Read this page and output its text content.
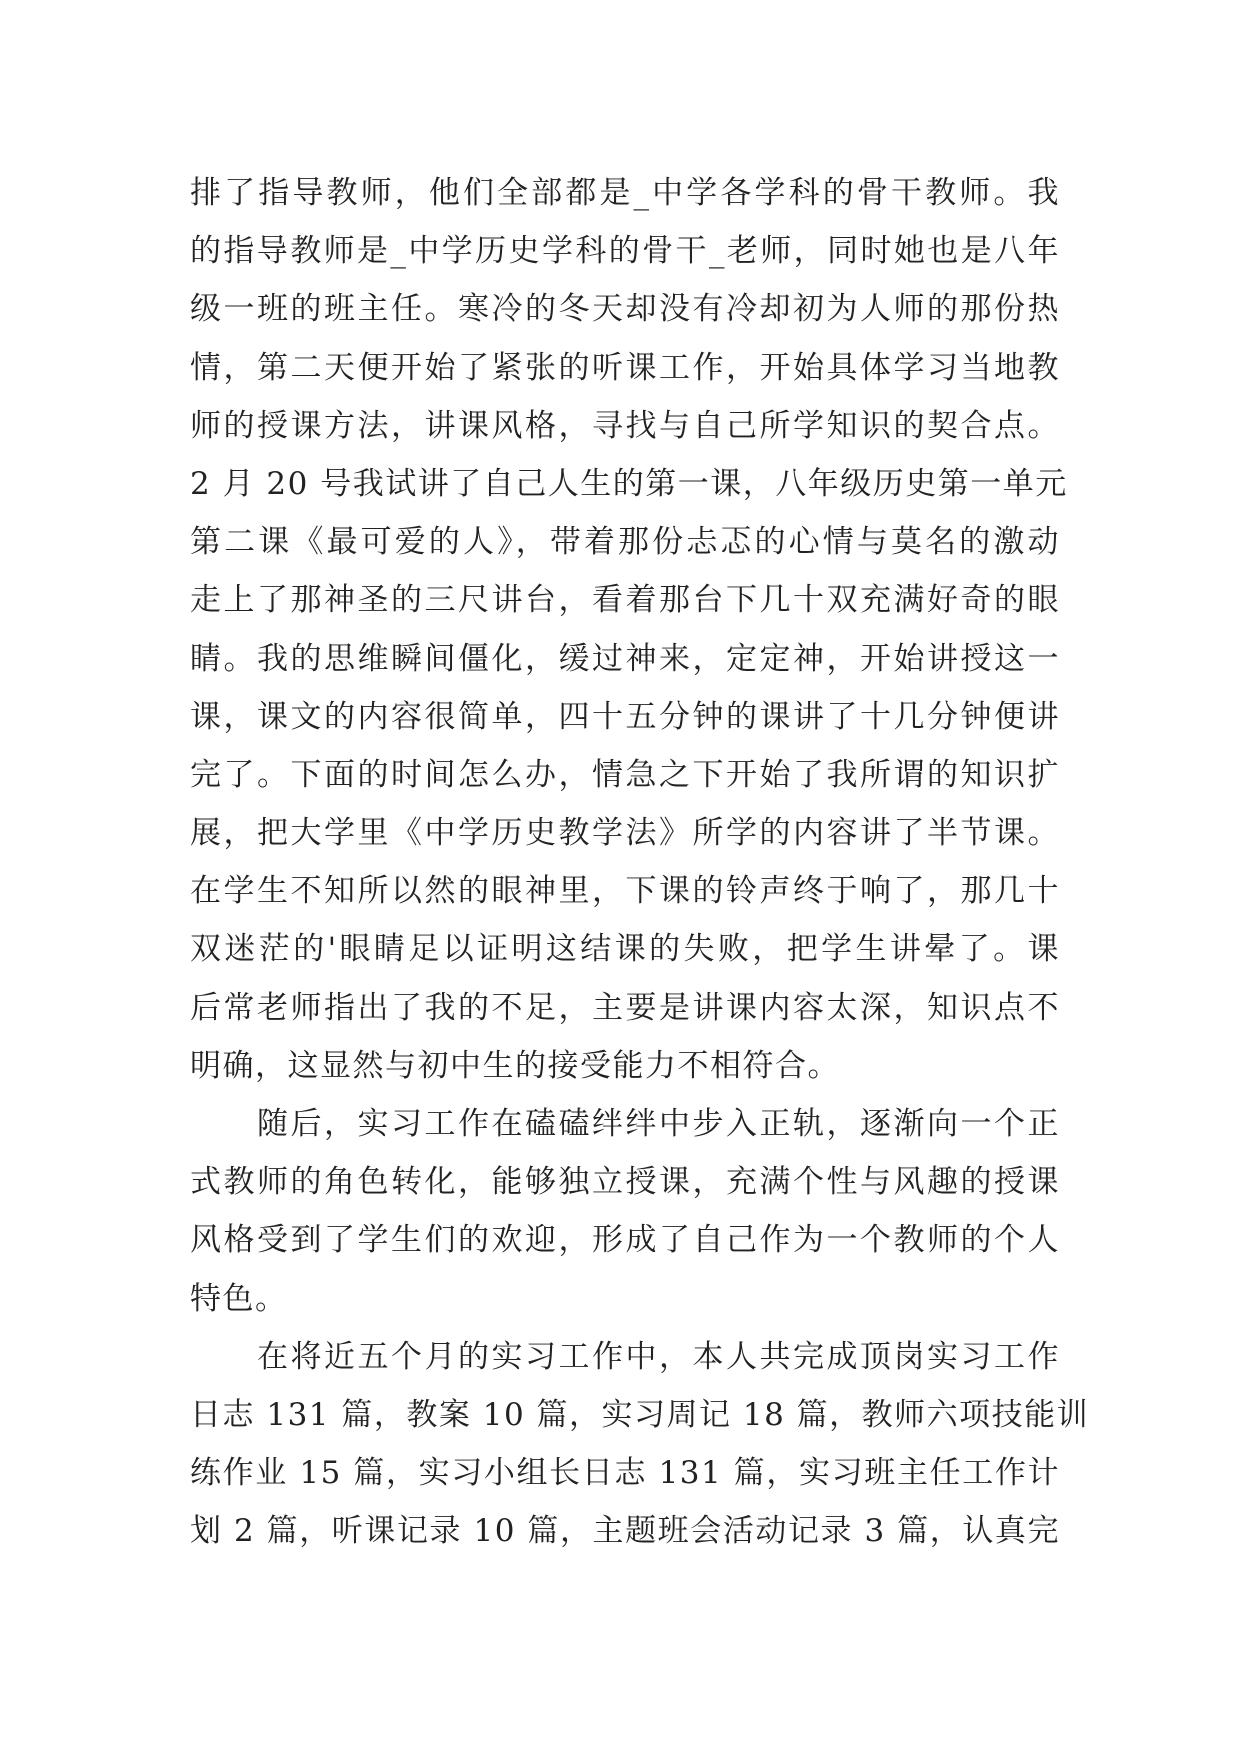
排了指导教师，他们全部都是_中学各学科的骨干教师。我
的指导教师是_中学历史学科的骨干_老师，同时她也是八年
级一班的班主任。寒冷的冬天却没有冷却初为人师的那份热
情，第二天便开始了紧张的听课工作，开始具体学习当地教
师的授课方法，讲课风格，寻找与自己所学知识的契合点。
2 月 20 号我试讲了自己人生的第一课，八年级历史第一单元
第二课《最可爱的人》，带着那份忐忑的心情与莫名的激动
走上了那神圣的三尺讲台，看着那台下几十双充满好奇的眼
睛。我的思维瞬间僵化，缓过神来，定定神，开始讲授这一
课，课文的内容很简单，四十五分钟的课讲了十几分钟便讲
完了。下面的时间怎么办，情急之下开始了我所谓的知识扩
展，把大学里《中学历史教学法》所学的内容讲了半节课。
在学生不知所以然的眼神里，下课的铃声终于响了，那几十
双迷茫的'眼睛足以证明这结课的失败，把学生讲晕了。课
后常老师指出了我的不足，主要是讲课内容太深，知识点不
明确，这显然与初中生的接受能力不相符合。
　　随后，实习工作在磕磕绊绊中步入正轨，逐渐向一个正
式教师的角色转化，能够独立授课，充满个性与风趣的授课
风格受到了学生们的欢迎，形成了自己作为一个教师的个人
特色。
　　在将近五个月的实习工作中，本人共完成顶岗实习工作
日志 131 篇，教案 10 篇，实习周记 18 篇，教师六项技能训
练作业 15 篇，实习小组长日志 131 篇，实习班主任工作计
划 2 篇，听课记录 10 篇，主题班会活动记录 3 篇，认真完
